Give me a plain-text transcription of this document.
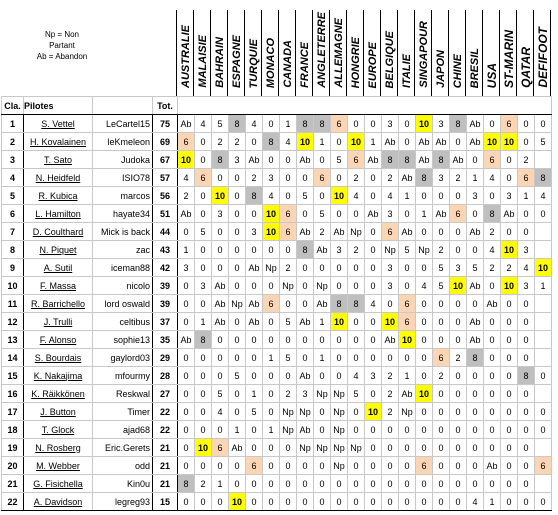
Np = Non
Partant
Ab = Abandon	AUSTRALIE MALAISIE BAHRAIN ESPAGNE TURQUIE MONACO CANADA FRANCE ANGLETERRE ALLEMAGNE HONGRIE EUROPE BELGIQUE ITALIE SINGAPOUR JAPON CHINE BRESIL USA ST-MARIN QATAR DEFIFOOT
Cla.	Pilotes		Tot.																						
1	S. Vettel	LeCartel15	75	Ab	4	5	8	4	0	1	8	8	6	0	0	3	0	10	3	8	Ab	0	6	0	0
2	H. Kovalainen	leKmeleon	69	6	0	2	2	0	8	4	10	1	0	10	1	Ab	0	Ab	Ab	0	Ab	10	10	0	5
3	T. Sato	Judoka	67	10	0	8	3	Ab	0	0	Ab	0	5	6	Ab	8	8	Ab	8	Ab	0	6	0	2	
4	N. Heidfeld	ISIO78	57	4	6	0	0	2	3	0	0	6	0	2	0	2	Ab	8	3	2	1	4	0	6	8
5	R. Kubica	marcos	56	2	0	10	0	8	4	0	5	0	10	4	0	4	1	0	0	0	3	0	3	1	4
6	L. Hamilton	hayate34	51	Ab	0	3	0	0	10	6	0	5	0	0	Ab	3	0	1	Ab	6	0	8	Ab	0	0
7	D. Coulthard	Mick is back	44	0	5	0	0	3	10	6	Ab	2	Ab	Np	0	6	Ab	0	0	0	Ab	2	0	0	
8	N. Piquet	zac	43	1	0	0	0	0	0	0	8	Ab	3	2	0	Np	5	Np	2	0	0	4	10	3	
9	A. Sutil	iceman88	42	3	0	0	0	Ab	Np	2	0	0	0	0	0	3	0	0	5	3	5	2	2	4	10
10	F. Massa	nicolo	39	0	3	Ab	0	0	0	Np	0	Np	0	0	0	3	0	4	5	10	Ab	0	10	3	1
11	R. Barrichello	lord oswald	39	0	0	Ab	Np	Ab	6	0	0	Ab	8	8	4	0	6	0	0	0	0	Ab	0	0	
12	J. Trulli	celtibus	37	0	1	Ab	0	Ab	0	5	Ab	1	10	0	0	10	6	0	0	0	Ab	0	0	0	
13	F. Alonso	sophie13	35	Ab	8	0	0	0	0	0	0	0	0	0	0	Ab	10	0	0	0	Ab	0	0	0	
14	S. Bourdais	gaylord03	29	0	0	0	0	0	1	5	0	1	0	0	0	0	0	0	6	2	8	0	0	0	
15	K. Nakajima	mfourmy	28	0	0	0	5	0	0	0	Ab	0	0	4	3	2	1	0	2	0	0	0	0	8	0
16	K. Räikkönen	Reskwal	27	0	0	5	0	1	0	2	3	Np	Np	5	0	2	Ab	10	0	0	0	0	0	0	
17	J. Button	Timer	22	0	0	4	0	5	0	Np	Np	0	Np	0	10	2	Np	0	0	0	0	0	0	0	0
18	T. Glock	ajad68	22	0	0	0	1	0	1	Np	Ab	0	Np	0	0	0	0	0	0	0	0	0	0	0	0
19	N. Rosberg	Eric.Gerets	21	0	10	6	Ab	0	0	0	Np	Np	Np	Np	0	0	0	0	0	0	0	0	0	0	
20	M. Webber	odd	21	0	0	0	0	6	0	0	0	0	Np	0	0	0	0	6	0	0	0	Ab	0	0	6
21	G. Fisichella	Kin0u	21	8	2	1	0	0	0	0	0	0	0	0	0	0	0	0	0	0	0	0	0	0	
22	A. Davidson	legreg93	15	0	0	0	10	0	0	0	0	0	0	0	0	0	0	0	0	0	4	1	0	0	0
